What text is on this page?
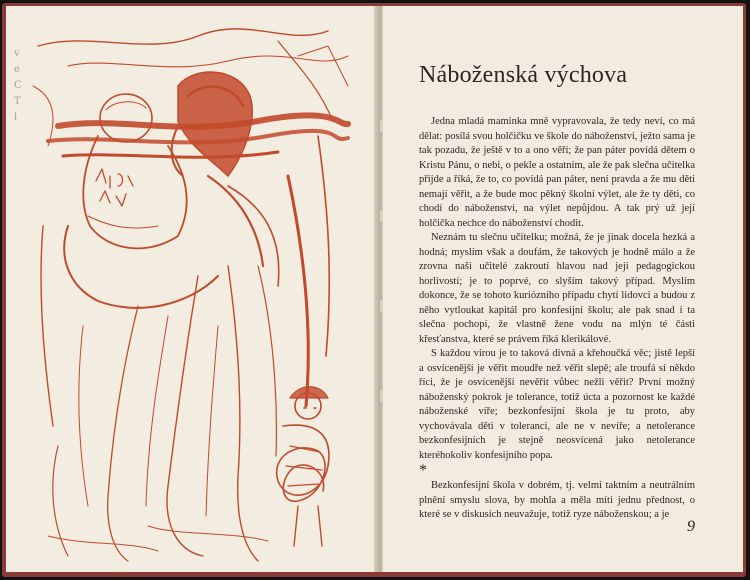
v
e
C
T
l
Náboženská výchova

Jedna mladá maminka mně vypravovala, že tedy neví, co má dělat: posílá svou holčičku ve škole do náboženství, ježto sama je tak pozadu, že ještě v to a ono věří; že pan páter povídá dětem o Kristu Pánu, o nebi, o pekle a ostatním, ale že pak slečna učitelka přijde a říká, že to, co povídá pan páter, není pravda a že mu děti nemají věřit, a že bude moc pěkný školní výlet, ale že ty děti, co chodí do náboženství, na výlet nepůjdou. A tak prý už její holčička nechce do náboženství chodit.

Neznám tu slečnu učitelku; možná, že je jinak docela hezká a hodná; myslím však a doufám, že takových je hodně málo a že zrovna naši učitelé zakroutí hlavou nad její pedagogickou horlivostí; je to poprvé, co slyším takový případ. Myslím dokonce, že se tohoto kuriózního případu chytí lidovci a budou z něho vytloukat kapitál pro konfesijní školu; ale pak snad i ta slečna pochopí, že vlastně žene vodu na mlýn té části křesťanstva, které se právem říká klerikálové.

S každou vírou je to taková divná a křehoučká věc; jistě lepší a osvícenější je věřit moudře než věřit slepě; ale troufá si někdo říci, že je osvícenější nevěřit vůbec nežli věřit? První možný náboženský pokrok je tolerance, totiž úcta a pozornost ke každé náboženské víře; bezkonfesijní škola je tu proto, aby vychovávala děti v toleranci, ale ne v nevíře; a netolerance bezkonfesijních je stejně neosvícená jako netolerance kteréhokoliv konfesijního popa.

*

Bezkonfesijní škola v dobrém, tj. velmi taktním a neutrálním plnění smyslu slova, by mohla a měla míti jednu přednost, o které se v diskusích neuvažuje, totiž ryze náboženskou; a je

9
